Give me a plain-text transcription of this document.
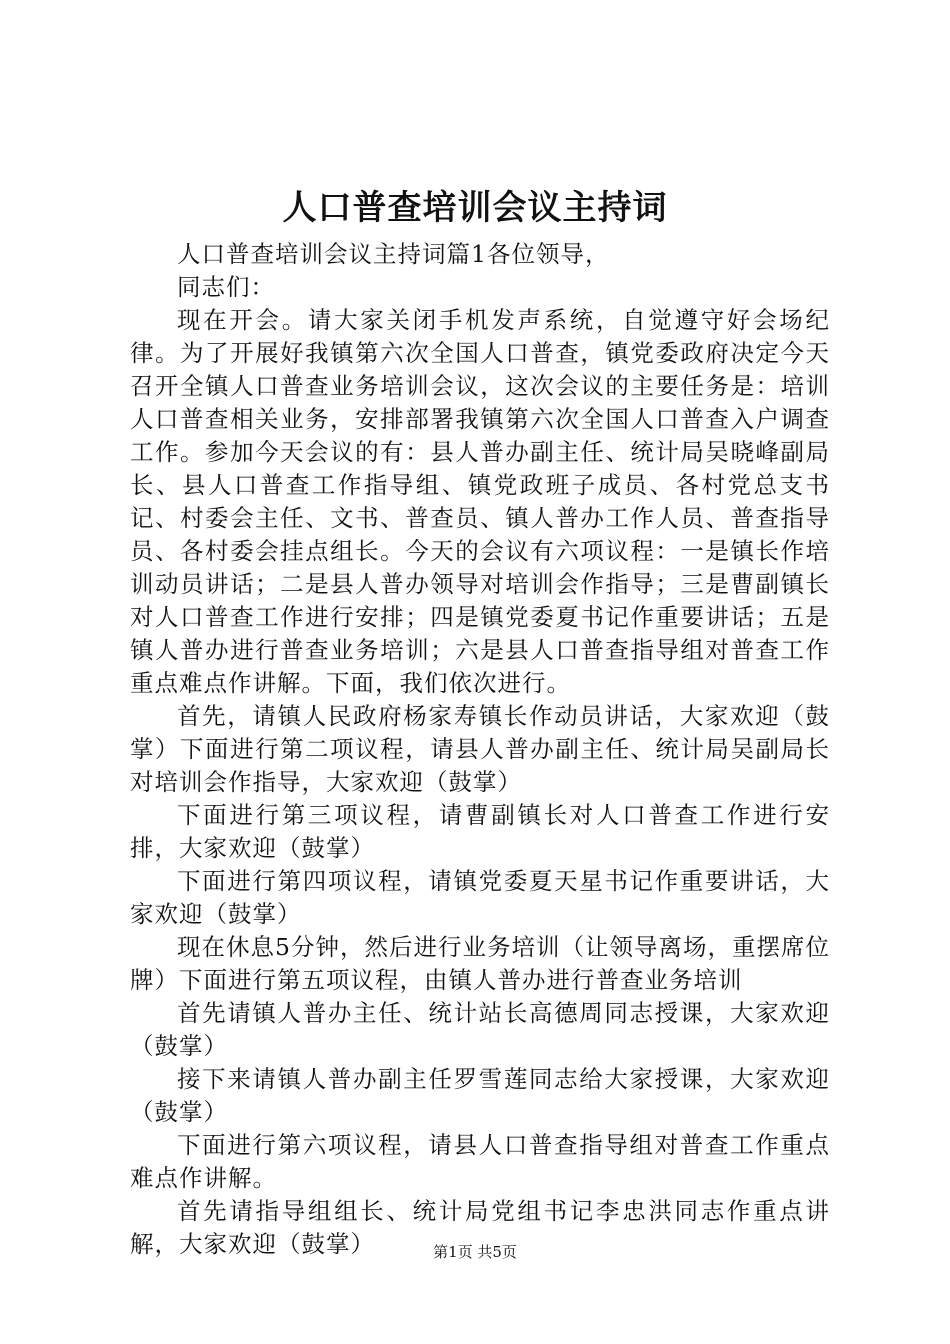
人口普查培训会议主持词

人口普查培训会议主持词篇1各位领导，

同志们：

现在开会。请大家关闭手机发声系统，自觉遵守好会场纪律。为了开展好我镇第六次全国人口普查，镇党委政府决定今天召开全镇人口普查业务培训会议，这次会议的主要任务是：培训人口普查相关业务，安排部署我镇第六次全国人口普查入户调查工作。参加今天会议的有：县人普办副主任、统计局吴晓峰副局长、县人口普查工作指导组、镇党政班子成员、各村党总支书记、村委会主任、文书、普查员、镇人普办工作人员、普查指导员、各村委会挂点组长。今天的会议有六项议程：一是镇长作培训动员讲话；二是县人普办领导对培训会作指导；三是曹副镇长对人口普查工作进行安排；四是镇党委夏书记作重要讲话；五是镇人普办进行普查业务培训；六是县人口普查指导组对普查工作重点难点作讲解。下面，我们依次进行。

首先，请镇人民政府杨家寿镇长作动员讲话，大家欢迎（鼓掌）下面进行第二项议程，请县人普办副主任、统计局吴副局长对培训会作指导，大家欢迎（鼓掌）

下面进行第三项议程，请曹副镇长对人口普查工作进行安排，大家欢迎（鼓掌）

下面进行第四项议程，请镇党委夏天星书记作重要讲话，大家欢迎（鼓掌）

现在休息5分钟，然后进行业务培训（让领导离场，重摆席位牌）下面进行第五项议程，由镇人普办进行普查业务培训

首先请镇人普办主任、统计站长高德周同志授课，大家欢迎（鼓掌）

接下来请镇人普办副主任罗雪莲同志给大家授课，大家欢迎（鼓掌）

下面进行第六项议程，请县人口普查指导组对普查工作重点难点作讲解。

首先请指导组组长、统计局党组书记李忠洪同志作重点讲解，大家欢迎（鼓掌）	第1页 共5页
